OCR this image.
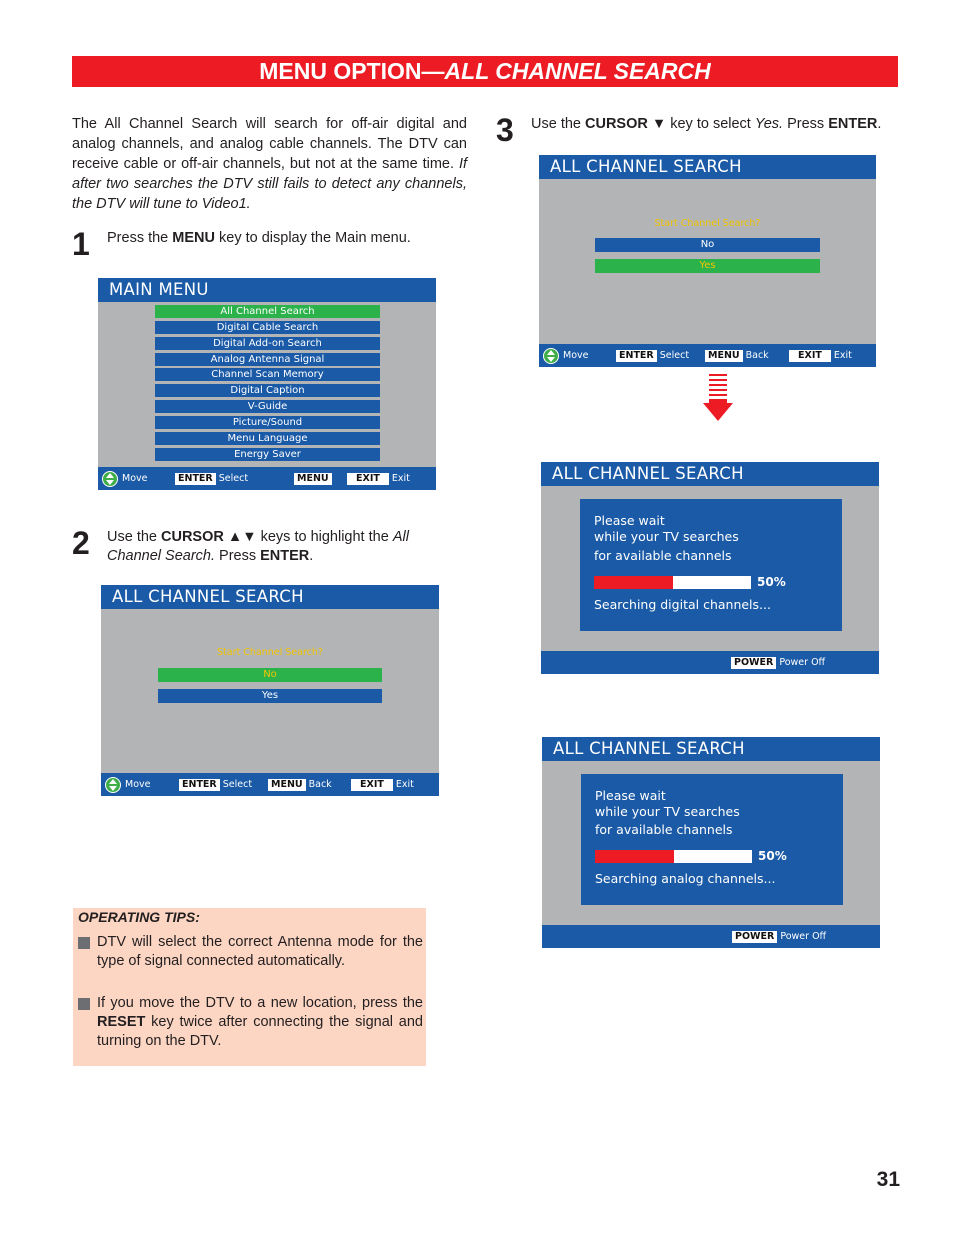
MENU OPTION—ALL CHANNEL SEARCH
The All Channel Search will search for off-air digital and analog channels, and analog cable channels. The DTV can receive cable or off-air channels, but not at the same time. If after two searches the DTV still fails to detect any channels, the DTV will tune to Video1.
1 Press the MENU key to display the Main menu.
MAIN MENU
All Channel Search
Digital Cable Search
Digital Add-on Search
Analog Antenna Signal
Channel Scan Memory
Digital Caption
V-Guide
Picture/Sound
Menu Language
Energy Saver
Move	ENTER Select	MENU	EXIT	Exit
2 Use the CURSOR ▲▼ keys to highlight the All Channel Search. Press ENTER.
ALL CHANNEL SEARCH
Start Channel Search?
No
Yes
Move	ENTER Select	MENU Back	EXIT	Exit
3 Use the CURSOR ▼ key to select Yes. Press ENTER.
ALL CHANNEL SEARCH
Start Channel Search?
No
Yes
Move	ENTER Select	MENU Back	EXIT	Exit
ALL CHANNEL SEARCH
Please wait
while your TV searches
for available channels
50%
Searching digital channels...
POWER Power Off
ALL CHANNEL SEARCH
Please wait
while your TV searches
for available channels
50%
Searching analog channels...
POWER Power Off
OPERATING TIPS:
DTV will select the correct Antenna mode for the type of signal connected automatically.
If you move the DTV to a new location, press the RESET key twice after connecting the signal and turning on the DTV.
31
